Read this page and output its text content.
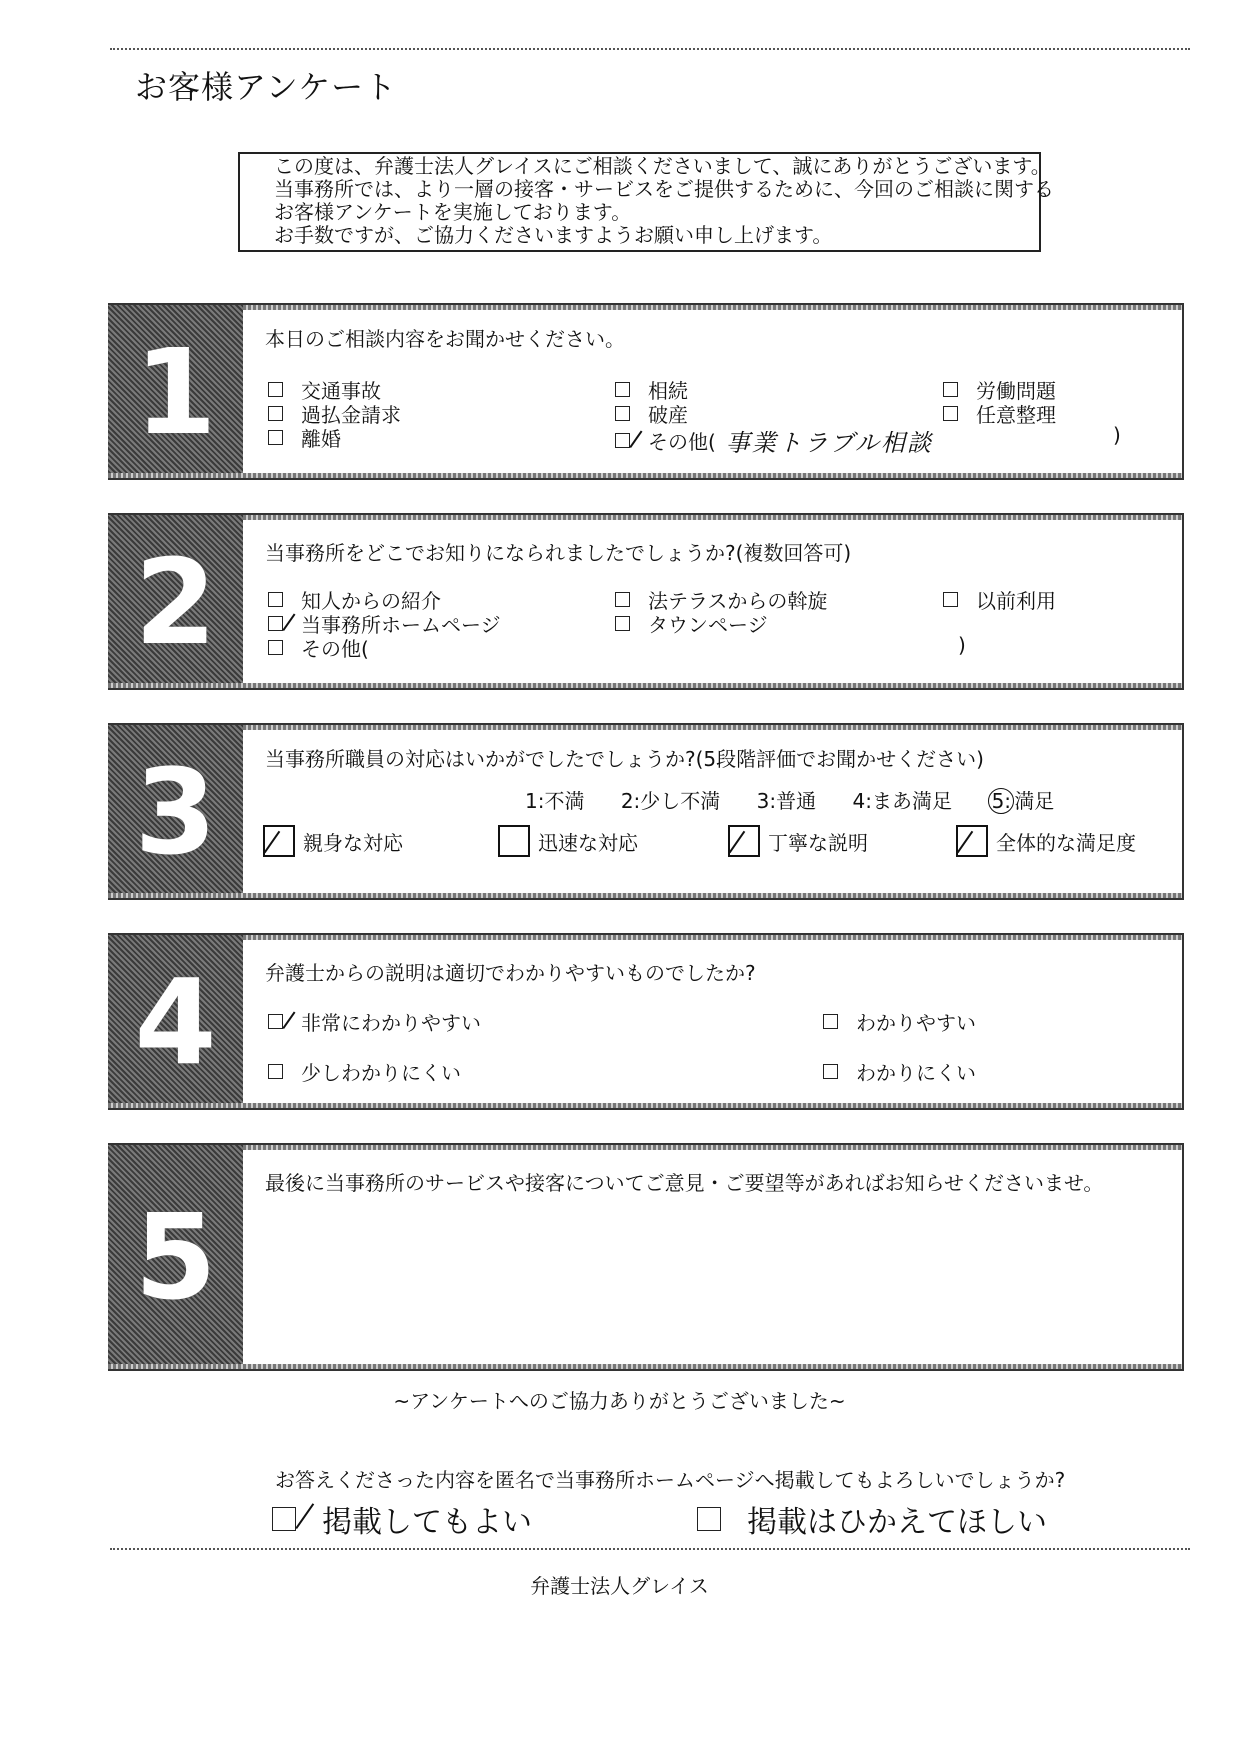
お客様アンケート
この度は、弁護士法人グレイスにご相談くださいまして、誠にありがとうございます。
当事務所では、より一層の接客・サービスをご提供するために、今回のご相談に関する
お客様アンケートを実施しております。
お手数ですが、ご協力くださいますようお願い申し上げます。
1 本日のご相談内容をお聞かせください。
交通事故
過払金請求
離婚
相続
破産
その他( 事業トラブル相談	)
労働問題
任意整理
2 当事務所をどこでお知りになられましたでしょうか?(複数回答可)
知人からの紹介
当事務所ホームページ
その他(	)
法テラスからの斡旋
タウンページ
以前利用
3 当事務所職員の対応はいかがでしたでしょうか?(5段階評価でお聞かせください)
1:不満 2:少し不満 3:普通 4:まあ満足 5: 満足
親身な対応	迅速な対応	丁寧な説明	全体的な満足度
4 弁護士からの説明は適切でわかりやすいものでしたか?
非常にわかりやすい
少しわかりにくい
わかりやすい
わかりにくい
5
最後に当事務所のサービスや接客についてご意見・ご要望等があればお知らせくださいませ。
~アンケートへのご協力ありがとうございました~
お答えくださった内容を匿名で当事務所ホームページへ掲載してもよろしいでしょうか?
掲載してもよい	掲載はひかえてほしい
弁護士法人グレイス
